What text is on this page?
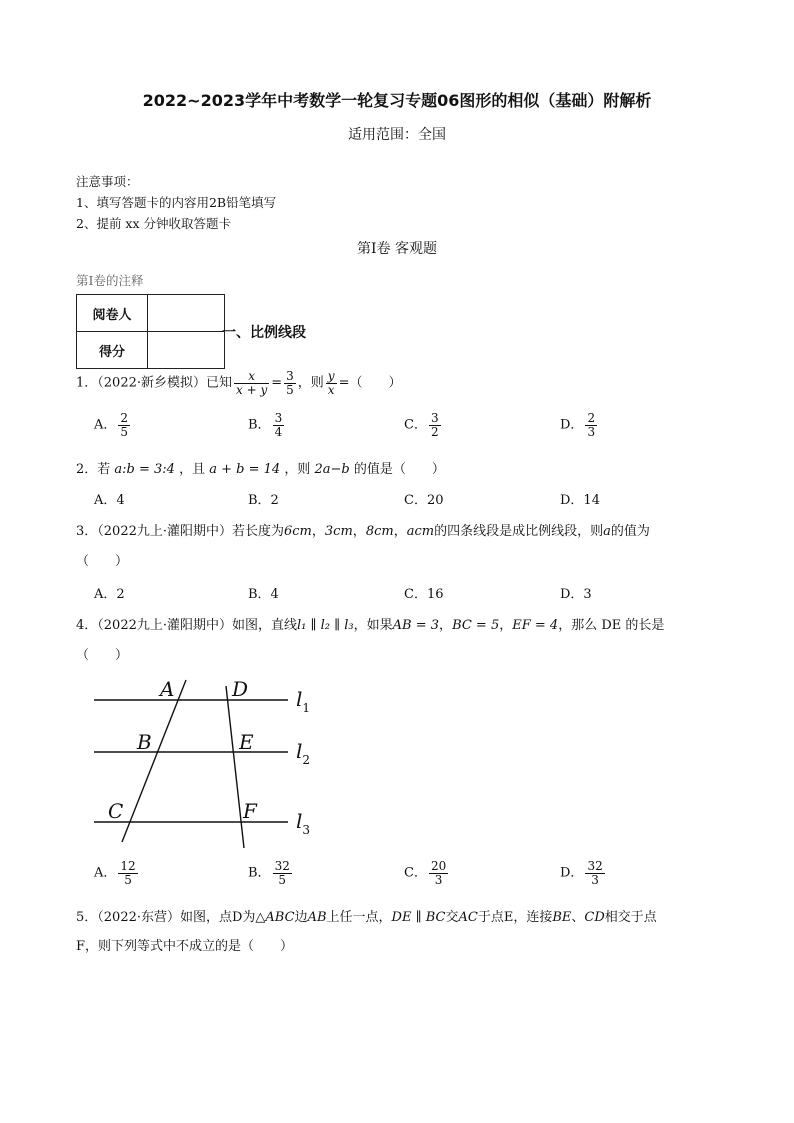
2022~2023学年中考数学一轮复习专题06图形的相似（基础）附解析
适用范围：全国
注意事项：
1、填写答题卡的内容用2B铅笔填写
2、提前 xx 分钟收取答题卡
第Ⅰ卷 客观题
第Ⅰ卷的注释
阅卷人	
得分	
一、比例线段
1．（2022·新乡模拟）已知 $\frac{x}{x + y} = \frac{3}{5}$ ，则 $\frac{y}{x}$ =（　　）
A． $\frac{2}{5}$	B． $\frac{3}{4}$	C． $\frac{3}{2}$	D． $\frac{2}{3}$
2．若 a:b = 3:4 ，且 a + b = 14 ，则 2a−b 的值是（　　）
A．4	B．2	C．20	D．14
3．（2022九上·灌阳期中）若长度为6cm，3cm，8cm，acm的四条线段是成比例线段，则a的值为
（　　）
A．2	B．4	C．16	D．3
4．（2022九上·灌阳期中）如图，直线l₁ ∥ l₂ ∥ l₃，如果AB = 3，BC = 5，EF = 4，那么 DE 的长是
（　　）
A	D
B	E
C	F
$l_1$
$l_2$
$l_3$
A． $\frac{12}{5}$	B． $\frac{32}{5}$	C． $\frac{20}{3}$	D． $\frac{32}{3}$
5．（2022·东营）如图，点D为△ABC边AB上任一点，DE ∥ BC交AC于点E，连接BE、CD相交于点
F，则下列等式中不成立的是（　　）
